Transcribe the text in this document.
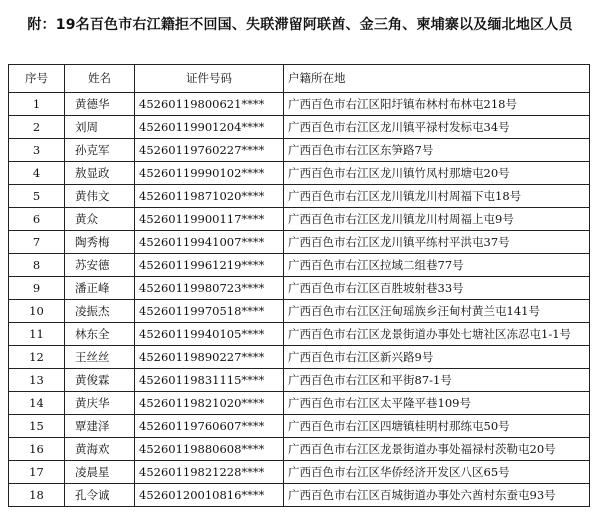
附：19名百色市右江籍拒不回国、失联滞留阿联酋、金三角、柬埔寨以及缅北地区人员
序号	姓名	证件号码	户籍所在地
1	黄德华	45260119800621****	广西百色市右江区阳圩镇布林村布林屯218号
2	刘周	45260119901204****	广西百色市右江区龙川镇平禄村发标屯34号
3	孙克军	45260119760227****	广西百色市右江区东笋路7号
4	敖显政	45260119990102****	广西百色市右江区龙川镇竹凤村那塘屯20号
5	黄伟文	45260119871020****	广西百色市右江区龙川镇龙川村周福下屯18号
6	黄众	45260119900117****	广西百色市右江区龙川镇龙川村周福上屯9号
7	陶秀梅	45260119941007****	广西百色市右江区龙川镇平练村平洪屯37号
8	苏安德	45260119961219****	广西百色市右江区拉域二组巷77号
9	潘正峰	45260119980723****	广西百色市右江区百胜坡射巷33号
10	凌振杰	45260119970518****	广西百色市右江区汪甸瑶族乡汪甸村黄兰屯141号
11	林东全	45260119940105****	广西百色市右江区龙景街道办事处七塘社区冻忍屯1-1号
12	王丝丝	45260119890227****	广西百色市右江区新兴路9号
13	黄俊霖	45260119831115****	广西百色市右江区和平街87-1号
14	黄庆华	45260119821020****	广西百色市右江区太平隆平巷109号
15	覃建泽	45260119760607****	广西百色市右江区四塘镇桂明村那练屯50号
16	黄海欢	45260119880608****	广西百色市右江区龙景街道办事处福禄村茨勒屯20号
17	凌晨星	45260119821228****	广西百色市右江区华侨经济开发区八区65号
18	孔令诚	45260120010816****	广西百色市右江区百城街道办事处六酋村东蚕屯93号
